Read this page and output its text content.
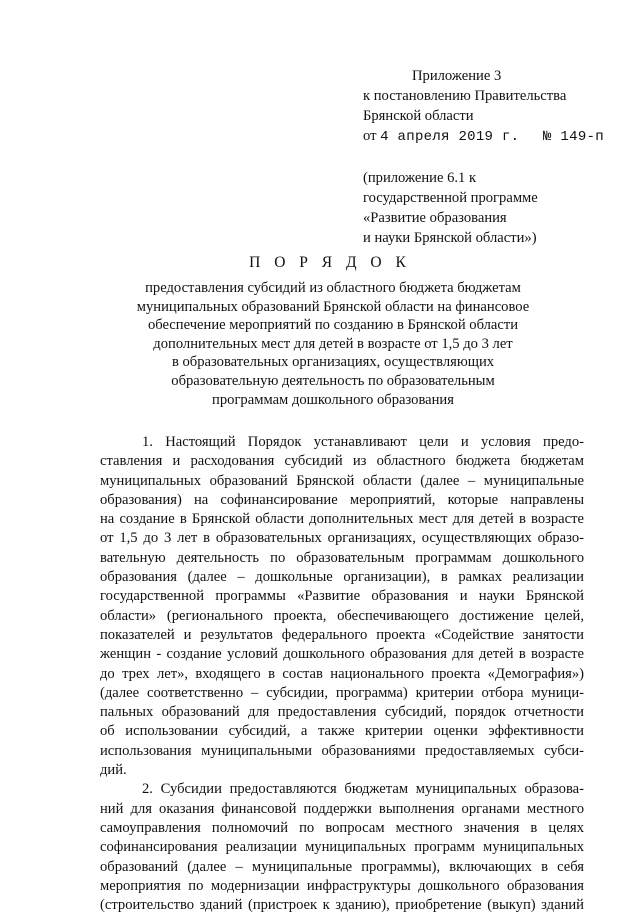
Приложение 3
к постановлению Правительства
Брянской области
от 4 апреля 2019 г. № 149-п
(приложение 6.1 к
государственной программе
«Развитие образования
и науки Брянской области»)
П О Р Я Д О К
предоставления субсидий из областного бюджета бюджетам
муниципальных образований Брянской области на финансовое
обеспечение мероприятий по созданию в Брянской области
дополнительных мест для детей в возрасте от 1,5 до 3 лет
в образовательных организациях, осуществляющих
образовательную деятельность по образовательным
программам дошкольного образования
1. Настоящий Порядок устанавливают цели и условия предо-
ставления и расходования субсидий из областного бюджета бюджетам
муниципальных образований Брянской области (далее – муниципальные
образования) на софинансирование мероприятий, которые направлены
на создание в Брянской области дополнительных мест для детей в возрасте
от 1,5 до 3 лет в образовательных организациях, осуществляющих образо-
вательную деятельность по образовательным программам дошкольного
образования (далее – дошкольные организации), в рамках реализации
государственной программы «Развитие образования и науки Брянской
области» (регионального проекта, обеспечивающего достижение целей,
показателей и результатов федерального проекта «Содействие занятости
женщин - создание условий дошкольного образования для детей в возрасте
до трех лет», входящего в состав национального проекта «Демография»)
(далее соответственно – субсидии, программа) критерии отбора муници-
пальных образований для предоставления субсидий, порядок отчетности
об использовании субсидий, а также критерии оценки эффективности
использования муниципальными образованиями предоставляемых субси-
дий.
2. Субсидии предоставляются бюджетам муниципальных образова-
ний для оказания финансовой поддержки выполнения органами местного
самоуправления полномочий по вопросам местного значения в целях
софинансирования реализации муниципальных программ муниципальных
образований (далее – муниципальные программы), включающих в себя
мероприятия по модернизации инфраструктуры дошкольного образования
(строительство зданий (пристроек к зданию), приобретение (выкуп) зданий
